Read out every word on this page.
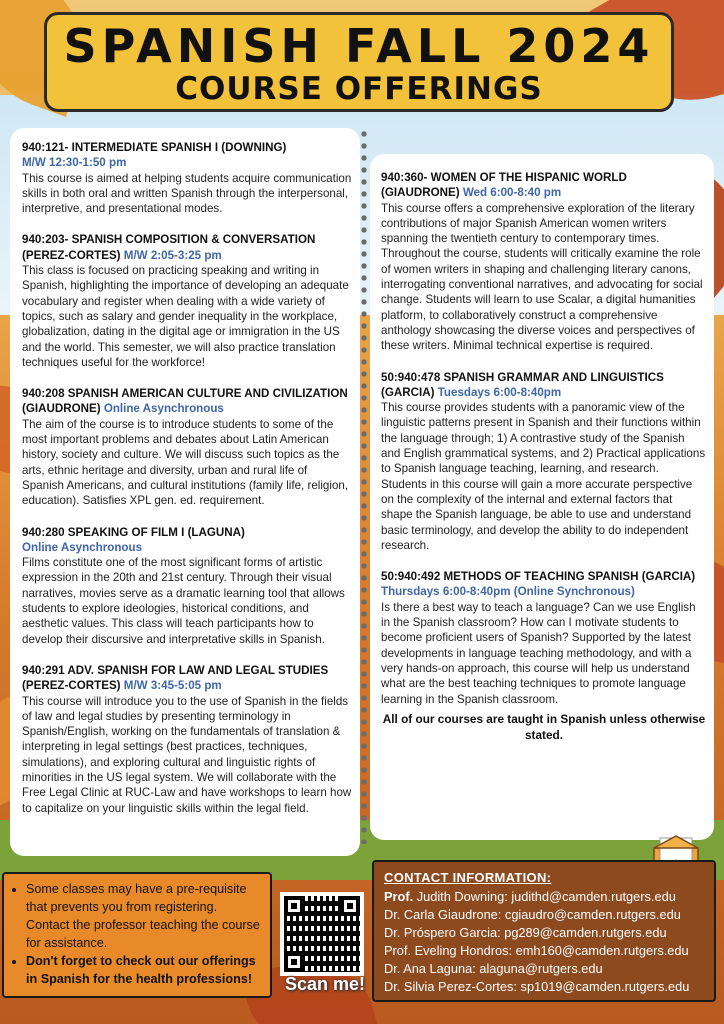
SPANISH FALL 2024
COURSE OFFERINGS
940:121- INTERMEDIATE SPANISH I (DOWNING)
M/W 12:30-1:50 pm
This course is aimed at helping students acquire communication skills in both oral and written Spanish through the interpersonal, interpretive, and presentational modes.
940:203- SPANISH COMPOSITION & CONVERSATION (PEREZ-CORTES) M/W 2:05-3:25 pm
This class is focused on practicing speaking and writing in Spanish, highlighting the importance of developing an adequate vocabulary and register when dealing with a wide variety of topics, such as salary and gender inequality in the workplace, globalization, dating in the digital age or immigration in the US and the world. This semester, we will also practice translation techniques useful for the workforce!
940:208 SPANISH AMERICAN CULTURE AND CIVILIZATION (GIAUDRONE) Online Asynchronous
The aim of the course is to introduce students to some of the most important problems and debates about Latin American history, society and culture. We will discuss such topics as the arts, ethnic heritage and diversity, urban and rural life of Spanish Americans, and cultural institutions (family life, religion, education). Satisfies XPL gen. ed. requirement.
940:280 SPEAKING OF FILM I (LAGUNA)
Online Asynchronous
Films constitute one of the most significant forms of artistic expression in the 20th and 21st century. Through their visual narratives, movies serve as a dramatic learning tool that allows students to explore ideologies, historical conditions, and aesthetic values. This class will teach participants how to develop their discursive and interpretative skills in Spanish.
940:291 ADV. SPANISH FOR LAW AND LEGAL STUDIES (PEREZ-CORTES) M/W 3:45-5:05 pm
This course will introduce you to the use of Spanish in the fields of law and legal studies by presenting terminology in Spanish/English, working on the fundamentals of translation & interpreting in legal settings (best practices, techniques, simulations), and exploring cultural and linguistic rights of minorities in the US legal system. We will collaborate with the Free Legal Clinic at RUC-Law and have workshops to learn how to capitalize on your linguistic skills within the legal field.
940:360- WOMEN OF THE HISPANIC WORLD (GIAUDRONE) Wed 6:00-8:40 pm
This course offers a comprehensive exploration of the literary contributions of major Spanish American women writers spanning the twentieth century to contemporary times. Throughout the course, students will critically examine the role of women writers in shaping and challenging literary canons, interrogating conventional narratives, and advocating for social change. Students will learn to use Scalar, a digital humanities platform, to collaboratively construct a comprehensive anthology showcasing the diverse voices and perspectives of these writers. Minimal technical expertise is required.
50:940:478 SPANISH GRAMMAR AND LINGUISTICS (GARCIA) Tuesdays 6:00-8:40pm
This course provides students with a panoramic view of the linguistic patterns present in Spanish and their functions within the language through; 1) A contrastive study of the Spanish and English grammatical systems, and 2) Practical applications to Spanish language teaching, learning, and research. Students in this course will gain a more accurate perspective on the complexity of the internal and external factors that shape the Spanish language, be able to use and understand basic terminology, and develop the ability to do independent research.
50:940:492 METHODS OF TEACHING SPANISH (GARCIA) Thursdays 6:00-8:40pm (Online Synchronous)
Is there a best way to teach a language? Can we use English in the Spanish classroom? How can I motivate students to become proficient users of Spanish? Supported by the latest developments in language teaching methodology, and with a very hands-on approach, this course will help us understand what are the best teaching techniques to promote language learning in the Spanish classroom.
All of our courses are taught in Spanish unless otherwise stated.
• Some classes may have a pre-requisite that prevents you from registering. Contact the professor teaching the course for assistance.
• Don't forget to check out our offerings in Spanish for the health professions!	Scan me!
CONTACT INFORMATION:
Prof. Judith Downing: judithd@camden.rutgers.edu
Dr. Carla Giaudrone: cgiaudro@camden.rutgers.edu
Dr. Próspero Garcia: pg289@camden.rutgers.edu
Prof. Eveling Hondros: emh160@camden.rutgers.edu
Dr. Ana Laguna: alaguna@rutgers.edu
Dr. Silvia Perez-Cortes: sp1019@camden.rutgers.edu
